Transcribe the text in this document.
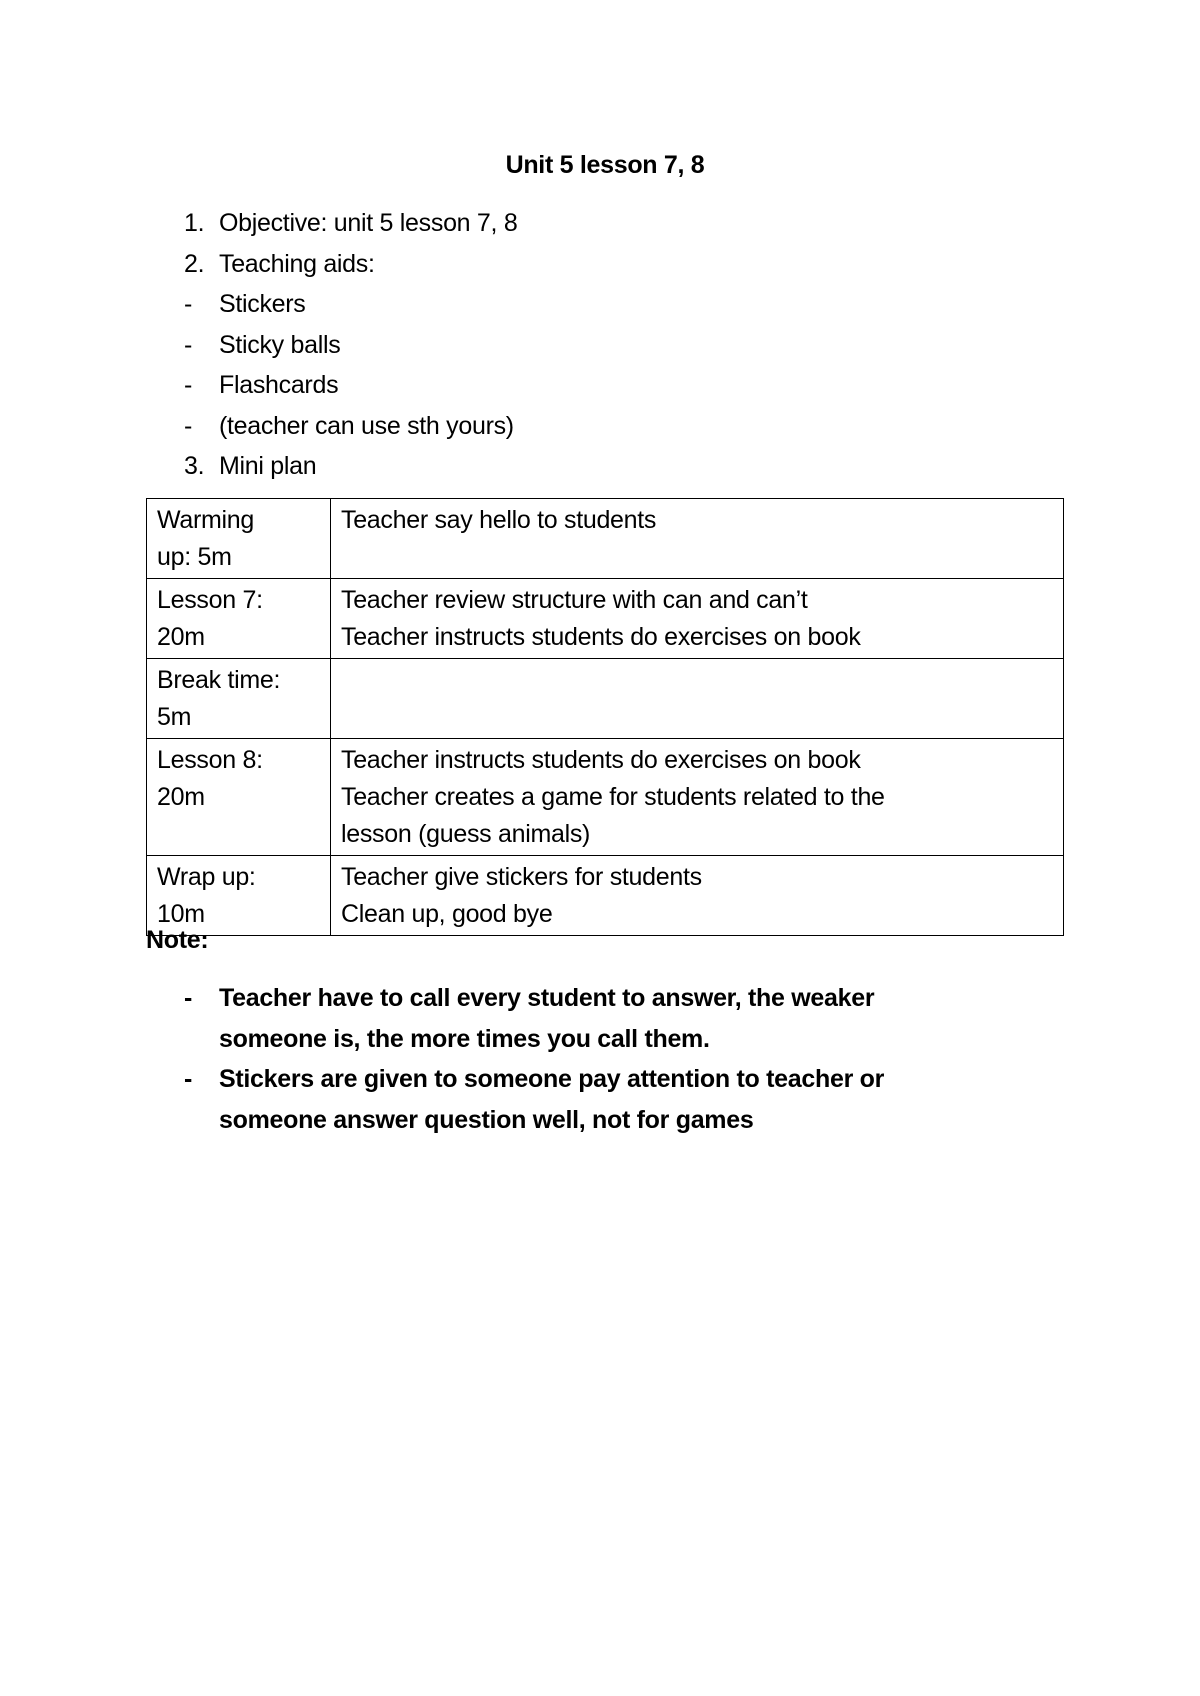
Unit 5 lesson 7, 8
1. Objective: unit 5 lesson 7, 8
2. Teaching aids:
-	Stickers
-	Sticky balls
-	Flashcards
-	(teacher can use sth yours)
3. Mini plan
Warming
up: 5m	Teacher say hello to students

Lesson 7:
20m	Teacher review structure with can and can’t
Teacher instructs students do exercises on book

Break time:
5m	

Lesson 8:
20m	Teacher instructs students do exercises on book
Teacher creates a game for students related to the
lesson (guess animals)

Wrap up:
10m	Teacher give stickers for students
Clean up, good bye
Note:
- Teacher have to call every student to answer, the weaker someone is, the more times you call them.
- Stickers are given to someone pay attention to teacher or someone answer question well, not for games
